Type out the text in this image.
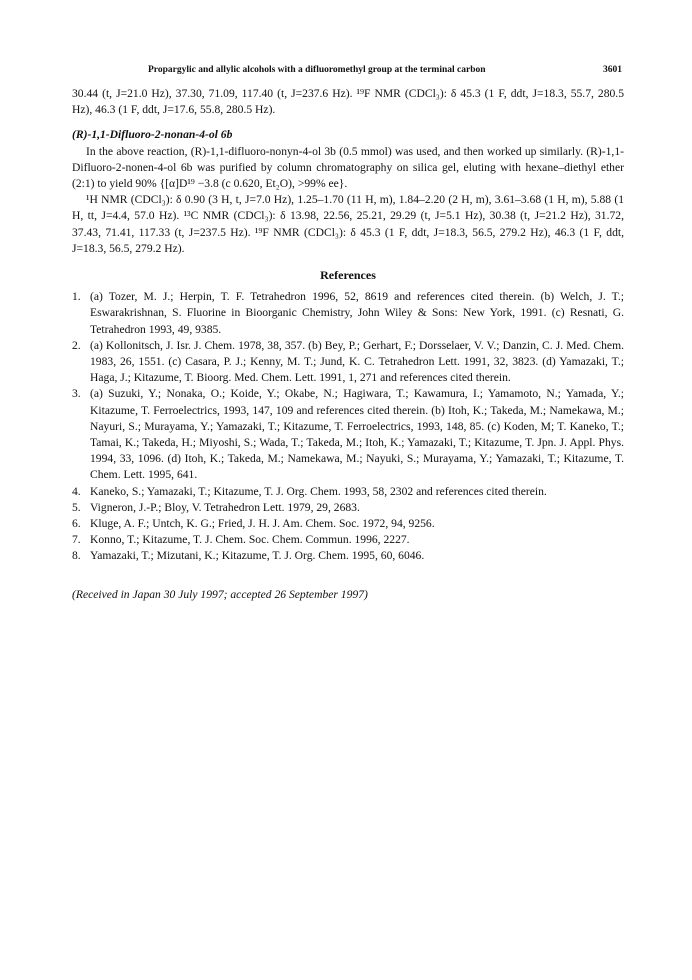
Propargylic and allylic alcohols with a difluoromethyl group at the terminal carbon	3601

30.44 (t, J=21.0 Hz), 37.30, 71.09, 117.40 (t, J=237.6 Hz). ¹⁹F NMR (CDCl₃): δ 45.3 (1 F, ddt, J=18.3, 55.7, 280.5 Hz), 46.3 (1 F, ddt, J=17.6, 55.8, 280.5 Hz).

(R)-1,1-Difluoro-2-nonan-4-ol 6b

In the above reaction, (R)-1,1-difluoro-nonyn-4-ol 3b (0.5 mmol) was used, and then worked up similarly. (R)-1,1-Difluoro-2-nonen-4-ol 6b was purified by column chromatography on silica gel, eluting with hexane–diethyl ether (2:1) to yield 90% {[α]D¹⁹ −3.8 (c 0.620, Et₂O), >99% ee}.

¹H NMR (CDCl₃): δ 0.90 (3 H, t, J=7.0 Hz), 1.25–1.70 (11 H, m), 1.84–2.20 (2 H, m), 3.61–3.68 (1 H, m), 5.88 (1 H, tt, J=4.4, 57.0 Hz). ¹³C NMR (CDCl₃): δ 13.98, 22.56, 25.21, 29.29 (t, J=5.1 Hz), 30.38 (t, J=21.2 Hz), 31.72, 37.43, 71.41, 117.33 (t, J=237.5 Hz). ¹⁹F NMR (CDCl₃): δ 45.3 (1 F, ddt, J=18.3, 56.5, 279.2 Hz), 46.3 (1 F, ddt, J=18.3, 56.5, 279.2 Hz).

References

1. (a) Tozer, M. J.; Herpin, T. F. Tetrahedron 1996, 52, 8619 and references cited therein. (b) Welch, J. T.; Eswarakrishnan, S. Fluorine in Bioorganic Chemistry, John Wiley & Sons: New York, 1991. (c) Resnati, G. Tetrahedron 1993, 49, 9385.
2. (a) Kollonitsch, J. Isr. J. Chem. 1978, 38, 357. (b) Bey, P.; Gerhart, F.; Dorsselaer, V. V.; Danzin, C. J. Med. Chem. 1983, 26, 1551. (c) Casara, P. J.; Kenny, M. T.; Jund, K. C. Tetrahedron Lett. 1991, 32, 3823. (d) Yamazaki, T.; Haga, J.; Kitazume, T. Bioorg. Med. Chem. Lett. 1991, 1, 271 and references cited therein.
3. (a) Suzuki, Y.; Nonaka, O.; Koide, Y.; Okabe, N.; Hagiwara, T.; Kawamura, I.; Yamamoto, N.; Yamada, Y.; Kitazume, T. Ferroelectrics, 1993, 147, 109 and references cited therein. (b) Itoh, K.; Takeda, M.; Namekawa, M.; Nayuri, S.; Murayama, Y.; Yamazaki, T.; Kitazume, T. Ferroelectrics, 1993, 148, 85. (c) Koden, M; T. Kaneko, T.; Tamai, K.; Takeda, H.; Miyoshi, S.; Wada, T.; Takeda, M.; Itoh, K.; Yamazaki, T.; Kitazume, T. Jpn. J. Appl. Phys. 1994, 33, 1096. (d) Itoh, K.; Takeda, M.; Namekawa, M.; Nayuki, S.; Murayama, Y.; Yamazaki, T.; Kitazume, T. Chem. Lett. 1995, 641.
4. Kaneko, S.; Yamazaki, T.; Kitazume, T. J. Org. Chem. 1993, 58, 2302 and references cited therein.
5. Vigneron, J.-P.; Bloy, V. Tetrahedron Lett. 1979, 29, 2683.
6. Kluge, A. F.; Untch, K. G.; Fried, J. H. J. Am. Chem. Soc. 1972, 94, 9256.
7. Konno, T.; Kitazume, T. J. Chem. Soc. Chem. Commun. 1996, 2227.
8. Yamazaki, T.; Mizutani, K.; Kitazume, T. J. Org. Chem. 1995, 60, 6046.

(Received in Japan 30 July 1997; accepted 26 September 1997)
